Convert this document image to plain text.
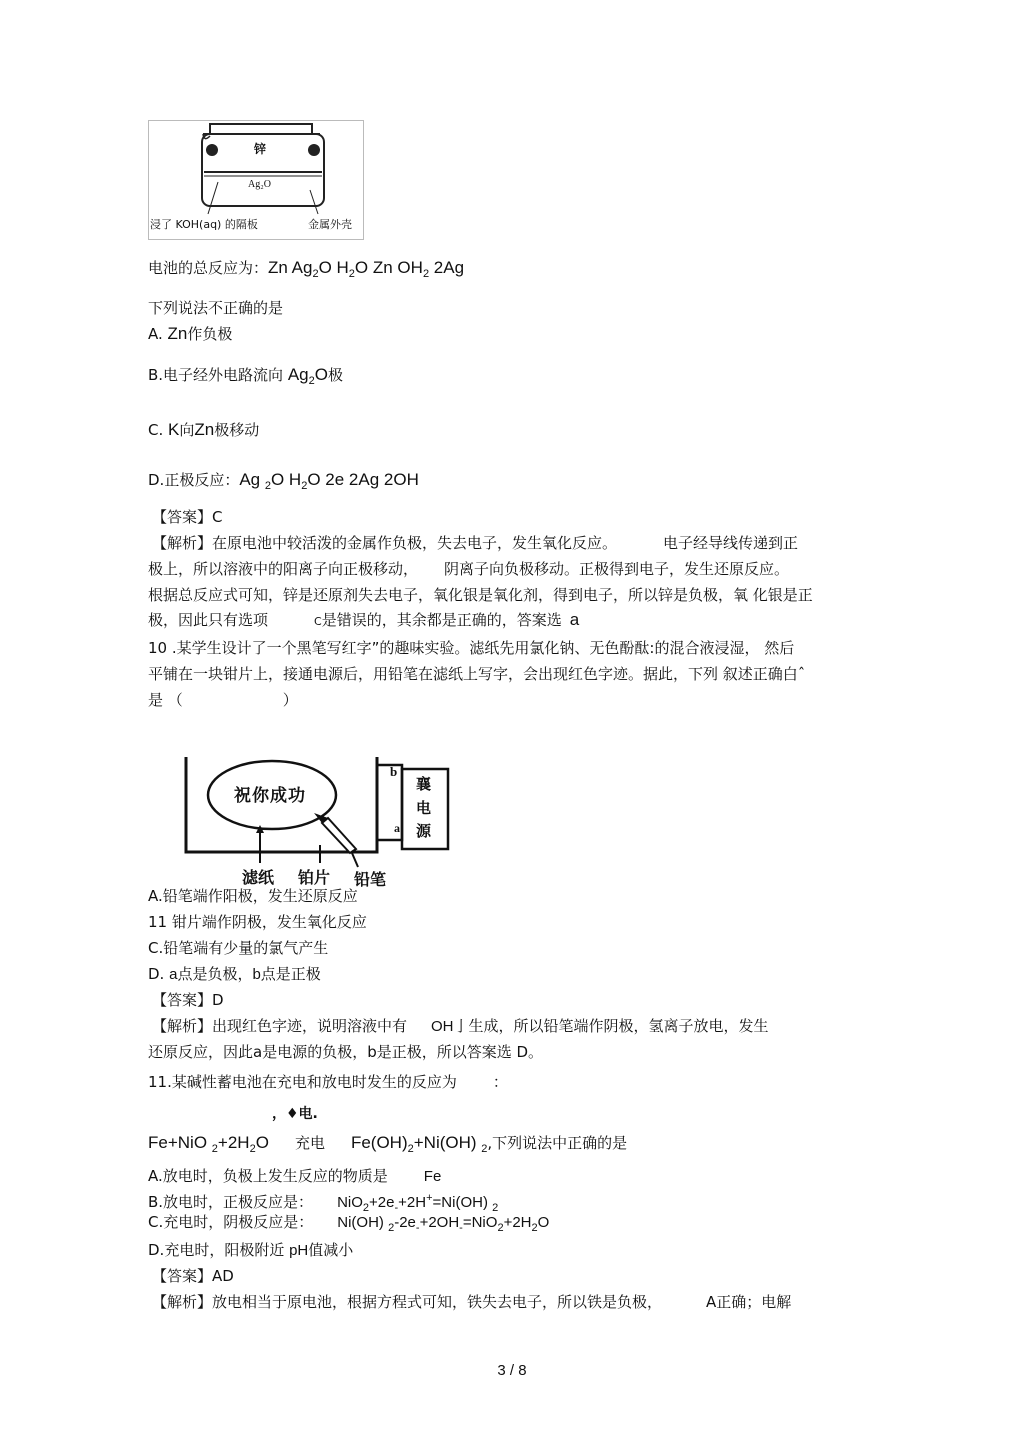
锌
Ag₂O
浸了 KOH(aq) 的隔板	金属外壳
电池的总反应为：Zn $Ag_2O$ $H_2O$ Zn $OH_2$ 2Ag
下列说法不正确的是
A. Zn作负极
B.电子经外电路流向 $Ag_2O$极
C. K向Zn极移动
D.正极反应：Ag $_2$O $H_2O$ 2e 2Ag 2OH
【答案】C
【解析】在原电池中较活泼的金属作负极，失去电子，发生氧化反应。	电子经导线传递到正
极上，所以溶液中的阳离子向正极移动， 阴离子向负极移动。正极得到电子，发生还原反应。
根据总反应式可知，锌是还原剂失去电子，氧化银是氧化剂，得到电子，所以锌是负极，氧 化银是正
极，因此只有选项	C是错误的，其余都是正确的，答案选 a
10 .某学生设计了一个黑笔写红字”的趣味实验。滤纸先用氯化钠、无色酚酞:的混合液浸湿， 然后
平铺在一块钳片上，接通电源后，用铅笔在滤纸上写字，会出现红色字迹。据此，下列 叙述正确白ˆ
是 （	）
祝你成功
b
a
襄
电
源
滤纸 铂片 铅笔
A.铅笔端作阳极，发生还原反应
11 钳片端作阴极，发生氧化反应
C.铅笔端有少量的氯气产生
D. a点是负极，b点是正极
【答案】D
【解析】出现红色字迹，说明溶液中有 OH亅生成，所以铅笔端作阴极，氢离子放电，发生
还原反应，因此a是电源的负极，b是正极，所以答案选 D。
11.某碱性蓄电池在充电和放电时发生的反应为 ：
，♦电.
Fe+NiO $_2+2H_2O$ 充电 $Fe(OH)_2+Ni(OH)$ $_2$,下列说法中正确的是
A.放电时，负极上发生反应的物质是 Fe
B.放电时，正极反应是： $NiO_2+2e_-+2H^+=Ni(OH)$ $_2$
C.充电时，阴极反应是： Ni(OH) $_2-2e_-+2OH_-=NiO_2+2H_2O$
D.充电时，阳极附近 pH值减小
【答案】AD
【解析】放电相当于原电池，根据方程式可知，铁失去电子，所以铁是负极，	A正确；电解
3 / 8
